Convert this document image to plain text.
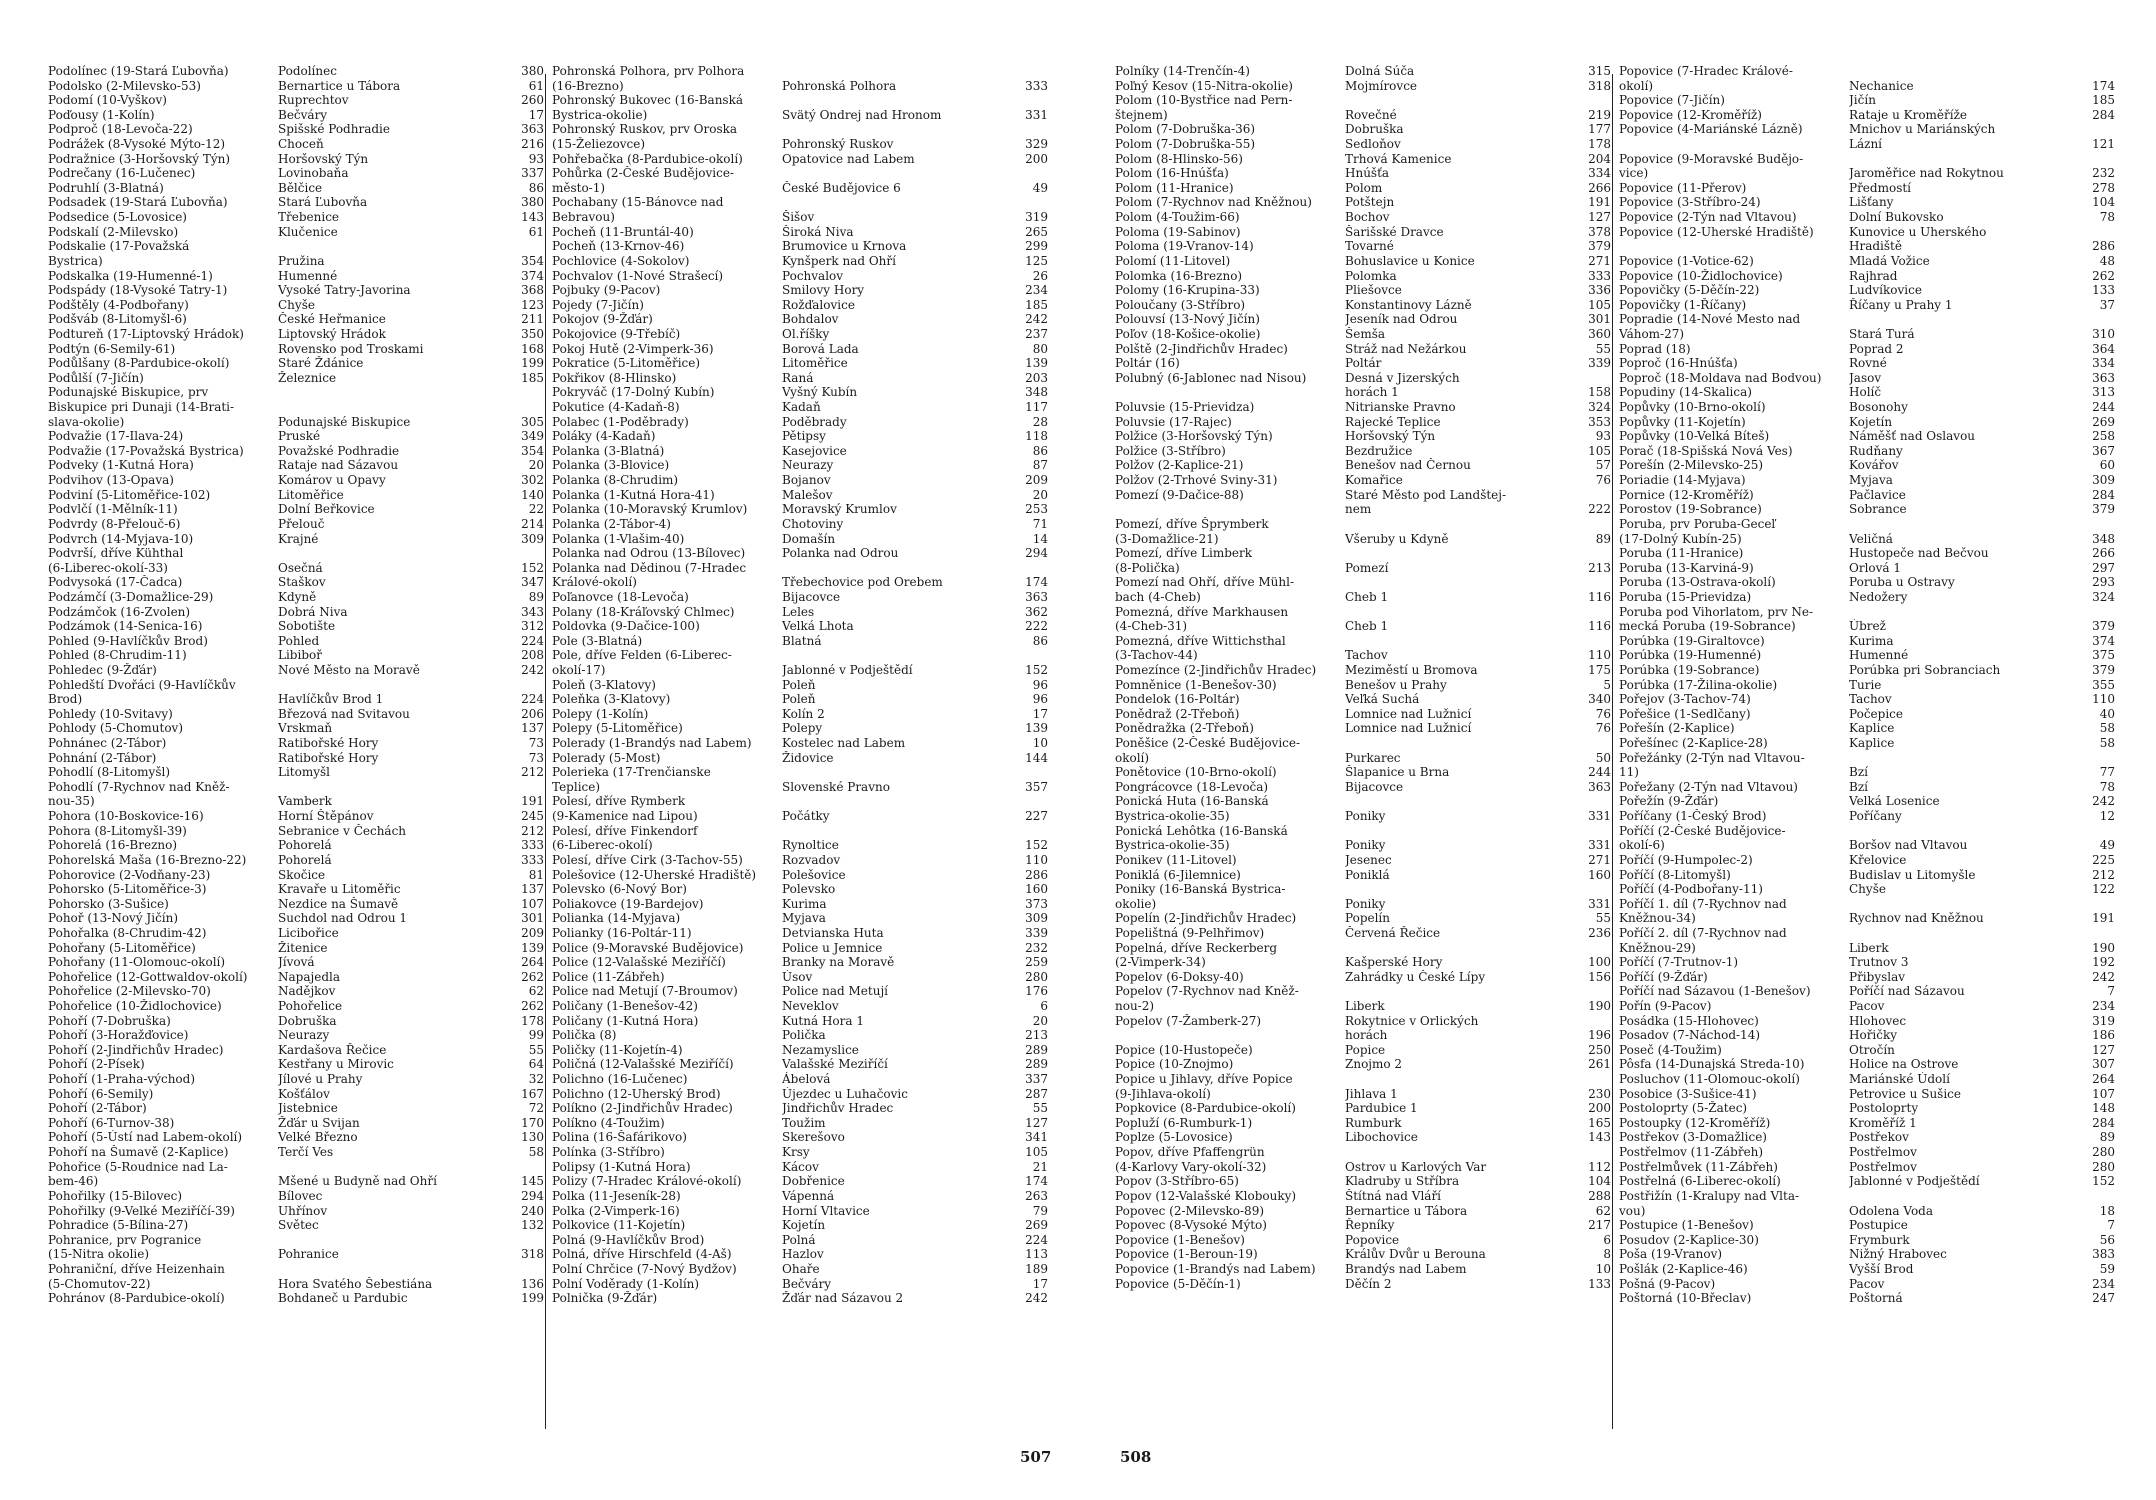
Podolínec (19-Stará Ľubovňa)	Podolínec	380
Podolsko (2-Milevsko-53)	Bernartice u Tábora	61
Podomí (10-Vyškov)	Ruprechtov	260
Poďousy (1-Kolín)	Bečváry	17
Podproč (18-Levoča-22)	Spišské Podhradie	363
Podrážek (8-Vysoké Mýto-12)	Choceň	216
Podražnice (3-Horšovský Týn)	Horšovský Týn	93
Podrečany (16-Lučenec)	Lovinobaňa	337
Podruhlí (3-Blatná)	Bělčice	86
Podsadek (19-Stará Ľubovňa)	Stará Ľubovňa	380
Podsedice (5-Lovosice)	Třebenice	143
Podskalí (2-Milevsko)	Klučenice	61
Podskalie (17-Považská
Bystrica)	Pružina	354
Podskalka (19-Humenné-1)	Humenné	374
Podspády (18-Vysoké Tatry-1)	Vysoké Tatry-Javorina	368
Podštěly (4-Podbořany)	Chyše	123
Podšváb (8-Litomyšl-6)	České Heřmanice	211
Podtureň (17-Liptovský Hrádok)	Liptovský Hrádok	350
Podtýn (6-Semily-61)	Rovensko pod Troskami	168
Podůlšany (8-Pardubice-okolí)	Staré Ždánice	199
Podůlší (7-Jičín)	Železnice	185
Podunajské Biskupice, prv
Biskupice pri Dunaji (14-Brati-
slava-okolie)	Podunajské Biskupice	305
Podvažie (17-Ilava-24)	Pruské	349
Podvažie (17-Považská Bystrica)	Považské Podhradie	354
Podveky (1-Kutná Hora)	Rataje nad Sázavou	20
Podvihov (13-Opava)	Komárov u Opavy	302
Podviní (5-Litoměřice-102)	Litoměřice	140
Podvlčí (1-Mělník-11)	Dolní Beřkovice	22
Podvrdy (8-Přelouč-6)	Přelouč	214
Podvrch (14-Myjava-10)	Krajné	309
Podvrší, dříve Kühthal
(6-Liberec-okolí-33)	Osečná	152
Podvysoká (17-Čadca)	Staškov	347
Podzámčí (3-Domažlice-29)	Kdyně	89
Podzámčok (16-Zvolen)	Dobrá Niva	343
Podzámok (14-Senica-16)	Sobotište	312
Pohled (9-Havlíčkův Brod)	Pohled	224
Pohled (8-Chrudim-11)	Libiboř	208
Pohledec (9-Žďár)	Nové Město na Moravě	242
Pohledští Dvořáci (9-Havlíčkův
Brod)	Havlíčkův Brod 1	224
Pohledy (10-Svitavy)	Březová nad Svitavou	206
Pohlody (5-Chomutov)	Vrskmaň	137
Pohnánec (2-Tábor)	Ratibořské Hory	73
Pohnání (2-Tábor)	Ratibořské Hory	73
Pohodlí (8-Litomyšl)	Litomyšl	212
Pohodlí (7-Rychnov nad Kněž-
nou-35)	Vamberk	191
Pohora (10-Boskovice-16)	Horní Štěpánov	245
Pohora (8-Litomyšl-39)	Sebranice v Čechách	212
Pohorelá (16-Brezno)	Pohorelá	333
Pohorelská Maša (16-Brezno-22)	Pohorelá	333
Pohorovice (2-Vodňany-23)	Skočice	81
Pohorsko (5-Litoměřice-3)	Kravaře u Litoměřic	137
Pohorsko (3-Sušice)	Nezdice na Šumavě	107
Pohoř (13-Nový Jičín)	Suchdol nad Odrou 1	301
Pohořalka (8-Chrudim-42)	Licibořice	209
Pohořany (5-Litoměřice)	Žitenice	139
Pohořany (11-Olomouc-okolí)	Jívová	264
Pohořelice (12-Gottwaldov-okolí)	Napajedla	262
Pohořelice (2-Milevsko-70)	Nadějkov	62
Pohořelice (10-Židlochovice)	Pohořelice	262
Pohoří (7-Dobruška)	Dobruška	178
Pohoří (3-Horažďovice)	Neurazy	99
Pohoří (2-Jindřichův Hradec)	Kardašova Řečice	55
Pohoří (2-Písek)	Kestřany u Mirovic	64
Pohoří (1-Praha-východ)	Jílové u Prahy	32
Pohoří (6-Semily)	Košťálov	167
Pohoří (2-Tábor)	Jistebnice	72
Pohoří (6-Turnov-38)	Žďár u Svijan	170
Pohoří (5-Ústí nad Labem-okolí)	Velké Březno	130
Pohoří na Šumavě (2-Kaplice)	Terčí Ves	58
Pohořice (5-Roudnice nad La-
bem-46)	Mšené u Budyně nad Ohří	145
Pohořilky (15-Bilovec)	Bílovec	294
Pohořilky (9-Velké Meziříčí-39)	Uhřínov	240
Pohradice (5-Bílina-27)	Světec	132
Pohranice, prv Pogranice
(15-Nitra okolie)	Pohranice	318
Pohraniční, dříve Heizenhain
(5-Chomutov-22)	Hora Svatého Šebestiána	136
Pohránov (8-Pardubice-okolí)	Bohdaneč u Pardubic	199
Pohronská Polhora, prv Polhora
(16-Brezno)	Pohronská Polhora	333
Pohronský Bukovec (16-Banská
Bystrica-okolie)	Svätý Ondrej nad Hronom	331
Pohronský Ruskov, prv Oroska
(15-Želiezovce)	Pohronský Ruskov	329
Pohřebačka (8-Pardubice-okolí)	Opatovice nad Labem	200
Pohůrka (2-České Budějovice-
město-1)	České Budějovice 6	49
Pochabany (15-Bánovce nad
Bebravou)	Šišov	319
Pocheň (11-Bruntál-40)	Široká Niva	265
Pocheň (13-Krnov-46)	Brumovice u Krnova	299
Pochlovice (4-Sokolov)	Kynšperk nad Ohří	125
Pochvalov (1-Nové Strašecí)	Pochvalov	26
Pojbuky (9-Pacov)	Smilovy Hory	234
Pojedy (7-Jičín)	Rožďalovice	185
Pokojov (9-Žďár)	Bohdalov	242
Pokojovice (9-Třebíč)	Ol.říšky	237
Pokoj Hutě (2-Vimperk-36)	Borová Lada	80
Pokratice (5-Litoměřice)	Litoměřice	139
Pokřikov (8-Hlinsko)	Raná	203
Pokryváč (17-Dolný Kubín)	Vyšný Kubín	348
Pokutice (4-Kadaň-8)	Kadaň	117
Polabec (1-Poděbrady)	Poděbrady	28
Poláky (4-Kadaň)	Pětipsy	118
Polanka (3-Blatná)	Kasejovice	86
Polanka (3-Blovice)	Neurazy	87
Polanka (8-Chrudim)	Bojanov	209
Polanka (1-Kutná Hora-41)	Malešov	20
Polanka (10-Moravský Krumlov)	Moravský Krumlov	253
Polanka (2-Tábor-4)	Chotoviny	71
Polanka (1-Vlašim-40)	Domašín	14
Polanka nad Odrou (13-Bílovec)	Polanka nad Odrou	294
Polanka nad Dědinou (7-Hradec
Králové-okolí)	Třebechovice pod Orebem	174
Poľanovce (18-Levoča)	Bijacovce	363
Polany (18-Kráľovský Chlmec)	Leles	362
Poldovka (9-Dačice-100)	Velká Lhota	222
Pole (3-Blatná)	Blatná	86
Pole, dříve Felden (6-Liberec-
okolí-17)	Jablonné v Podještědí	152
Poleň (3-Klatovy)	Poleň	96
Poleňka (3-Klatovy)	Poleň	96
Polepy (1-Kolín)	Kolín 2	17
Polepy (5-Litoměřice)	Polepy	139
Polerady (1-Brandýs nad Labem)	Kostelec nad Labem	10
Polerady (5-Most)	Židovice	144
Polerieka (17-Trenčianske
Teplice)	Slovenské Pravno	357
Polesí, dříve Rymberk
(9-Kamenice nad Lipou)	Počátky	227
Polesí, dříve Finkendorf
(6-Liberec-okolí)	Rynoltice	152
Polesí, dříve Cirk (3-Tachov-55)	Rozvadov	110
Polešovice (12-Uherské Hradiště)	Polešovice	286
Polevsko (6-Nový Bor)	Polevsko	160
Poliakovce (19-Bardejov)	Kurima	373
Polianka (14-Myjava)	Myjava	309
Polianky (16-Poltár-11)	Detvianska Huta	339
Police (9-Moravské Budějovice)	Police u Jemnice	232
Police (12-Valašské Meziříčí)	Branky na Moravě	259
Police (11-Zábřeh)	Úsov	280
Police nad Metují (7-Broumov)	Police nad Metují	176
Poličany (1-Benešov-42)	Neveklov	6
Poličany (1-Kutná Hora)	Kutná Hora 1	20
Polička (8)	Polička	213
Poličky (11-Kojetín-4)	Nezamyslice	289
Poličná (12-Valašské Meziříčí)	Valašské Meziříčí	289
Polichno (16-Lučenec)	Ábelová	337
Polichno (12-Uherský Brod)	Újezdec u Luhačovic	287
Políkno (2-Jindřichův Hradec)	Jindřichův Hradec	55
Políkno (4-Toužim)	Toužim	127
Polina (16-Šafárikovo)	Skerešovo	341
Polínka (3-Stříbro)	Krsy	105
Polipsy (1-Kutná Hora)	Kácov	21
Polizy (7-Hradec Králové-okolí)	Dobřenice	174
Polka (11-Jeseník-28)	Vápenná	263
Polka (2-Vimperk-16)	Horní Vltavice	79
Polkovice (11-Kojetín)	Kojetín	269
Polná (9-Havlíčkův Brod)	Polná	224
Polná, dříve Hirschfeld (4-Aš)	Hazlov	113
Polní Chrčice (7-Nový Bydžov)	Ohaře	189
Polní Voděrady (1-Kolín)	Bečváry	17
Polnička (9-Žďár)	Žďár nad Sázavou 2	242
Polníky (14-Trenčín-4)	Dolná Súča	315
Poľný Kesov (15-Nitra-okolie)	Mojmírovce	318
Polom (10-Bystřice nad Pern-
štejnem)	Rovečné	219
Polom (7-Dobruška-36)	Dobruška	177
Polom (7-Dobruška-55)	Sedloňov	178
Polom (8-Hlinsko-56)	Trhová Kamenice	204
Polom (16-Hnúšťa)	Hnúšťa	334
Polom (11-Hranice)	Polom	266
Polom (7-Rychnov nad Kněžnou)	Potštejn	191
Polom (4-Toužim-66)	Bochov	127
Poloma (19-Sabinov)	Šarišské Dravce	378
Poloma (19-Vranov-14)	Tovarné	379
Polomí (11-Litovel)	Bohuslavice u Konice	271
Polomka (16-Brezno)	Polomka	333
Polomy (16-Krupina-33)	Pliešovce	336
Poloučany (3-Stříbro)	Konstantinovy Lázně	105
Polouvsí (13-Nový Jičín)	Jeseník nad Odrou	301
Poľov (18-Košice-okolie)	Šemša	360
Polště (2-Jindřichův Hradec)	Stráž nad Nežárkou	55
Poltár (16)	Poltár	339
Polubný (6-Jablonec nad Nisou)	Desná v Jizerských
horách 1	158
Poluvsie (15-Prievidza)	Nitrianske Pravno	324
Poluvsie (17-Rajec)	Rajecké Teplice	353
Polžice (3-Horšovský Týn)	Horšovský Týn	93
Polžice (3-Stříbro)	Bezdružice	105
Polžov (2-Kaplice-21)	Benešov nad Černou	57
Polžov (2-Trhové Sviny-31)	Komařice	76
Pomezí (9-Dačice-88)	Staré Město pod Landštej-
nem	222
Pomezí, dříve Šprymberk
(3-Domažlice-21)	Všeruby u Kdyně	89
Pomezí, dříve Limberk
(8-Polička)	Pomezí	213
Pomezí nad Ohří, dříve Mühl-
bach (4-Cheb)	Cheb 1	116
Pomezná, dříve Markhausen
(4-Cheb-31)	Cheb 1	116
Pomezná, dříve Wittichsthal
(3-Tachov-44)	Tachov	110
Pomezínce (2-Jindřichův Hradec)	Meziměstí u Bromova	175
Pomněnice (1-Benešov-30)	Benešov u Prahy	5
Pondelok (16-Poltár)	Veľká Suchá	340
Ponědraž (2-Třeboň)	Lomnice nad Lužnicí	76
Ponědražka (2-Třeboň)	Lomnice nad Lužnicí	76
Poněšice (2-České Budějovice-
okolí)	Purkarec	50
Ponětovice (10-Brno-okolí)	Šlapanice u Brna	244
Pongrácovce (18-Levoča)	Bijacovce	363
Ponická Huta (16-Banská
Bystrica-okolie-35)	Poniky	331
Ponická Lehôtka (16-Banská
Bystrica-okolie-35)	Poniky	331
Ponikev (11-Litovel)	Jesenec	271
Poniklá (6-Jilemnice)	Poniklá	160
Poniky (16-Banská Bystrica-
okolie)	Poniky	331
Popelín (2-Jindřichův Hradec)	Popelín	55
Popelištná (9-Pelhřimov)	Červená Řečice	236
Popelná, dříve Reckerberg
(2-Vimperk-34)	Kašperské Hory	100
Popelov (6-Doksy-40)	Zahrádky u České Lípy	156
Popelov (7-Rychnov nad Kněž-
nou-2)	Liberk	190
Popelov (7-Žamberk-27)	Rokytnice v Orlických
horách	196
Popice (10-Hustopeče)	Popice	250
Popice (10-Znojmo)	Znojmo 2	261
Popice u Jihlavy, dříve Popice
(9-Jihlava-okolí)	Jihlava 1	230
Popkovice (8-Pardubice-okolí)	Pardubice 1	200
Popluží (6-Rumburk-1)	Rumburk	165
Poplze (5-Lovosice)	Libochovice	143
Popov, dříve Pfaffengrün
(4-Karlovy Vary-okolí-32)	Ostrov u Karlových Var	112
Popov (3-Stříbro-65)	Kladruby u Stříbra	104
Popov (12-Valašské Klobouky)	Štítná nad Vláří	288
Popovec (2-Milevsko-89)	Bernartice u Tábora	62
Popovec (8-Vysoké Mýto)	Řepníky	217
Popovice (1-Benešov)	Popovice	6
Popovice (1-Beroun-19)	Králův Dvůr u Berouna	8
Popovice (1-Brandýs nad Labem)	Brandýs nad Labem	10
Popovice (5-Děčín-1)	Děčín 2	133
Popovice (7-Hradec Králové-
okolí)	Nechanice	174
Popovice (7-Jičín)	Jičín	185
Popovice (12-Kroměříž)	Rataje u Kroměříže	284
Popovice (4-Mariánské Lázně)	Mnichov u Mariánských
Lázní	121
Popovice (9-Moravské Budějo-
vice)	Jaroměřice nad Rokytnou	232
Popovice (11-Přerov)	Předmostí	278
Popovice (3-Stříbro-24)	Lišťany	104
Popovice (2-Týn nad Vltavou)	Dolní Bukovsko	78
Popovice (12-Uherské Hradiště)	Kunovice u Uherského
Hradiště	286
Popovice (1-Votice-62)	Mladá Vožice	48
Popovice (10-Židlochovice)	Rajhrad	262
Popovičky (5-Děčín-22)	Ludvíkovice	133
Popovičky (1-Říčany)	Říčany u Prahy 1	37
Popradie (14-Nové Mesto nad
Váhom-27)	Stará Turá	310
Poprad (18)	Poprad 2	364
Poproč (16-Hnúšťa)	Rovné	334
Poproč (18-Moldava nad Bodvou)	Jasov	363
Popudiny (14-Skalica)	Holíč	313
Popůvky (10-Brno-okolí)	Bosonohy	244
Popůvky (11-Kojetín)	Kojetín	269
Popůvky (10-Velká Bíteš)	Náměšť nad Oslavou	258
Porač (18-Spišská Nová Ves)	Rudňany	367
Porešín (2-Milevsko-25)	Kovářov	60
Poriadie (14-Myjava)	Myjava	309
Pornice (12-Kroměříž)	Pačlavice	284
Porostov (19-Sobrance)	Sobrance	379
Poruba, prv Poruba-Geceľ
(17-Dolný Kubín-25)	Veličná	348
Poruba (11-Hranice)	Hustopeče nad Bečvou	266
Poruba (13-Karviná-9)	Orlová 1	297
Poruba (13-Ostrava-okolí)	Poruba u Ostravy	293
Poruba (15-Prievidza)	Nedožery	324
Poruba pod Vihorlatom, prv Ne-
mecká Poruba (19-Sobrance)	Úbrež	379
Porúbka (19-Giraltovce)	Kurima	374
Porúbka (19-Humenné)	Humenné	375
Porúbka (19-Sobrance)	Porúbka pri Sobranciach	379
Porúbka (17-Žilina-okolie)	Turie	355
Pořejov (3-Tachov-74)	Tachov	110
Pořešice (1-Sedlčany)	Počepice	40
Pořešín (2-Kaplice)	Kaplice	58
Pořešínec (2-Kaplice-28)	Kaplice	58
Pořežánky (2-Týn nad Vltavou-
11)	Bzí	77
Pořežany (2-Týn nad Vltavou)	Bzí	78
Pořežín (9-Žďár)	Velká Losenice	242
Poříčany (1-Český Brod)	Poříčany	12
Poříčí (2-České Budějovice-
okolí-6)	Boršov nad Vltavou	49
Poříčí (9-Humpolec-2)	Křelovice	225
Poříčí (8-Litomyšl)	Budislav u Litomyšle	212
Poříčí (4-Podbořany-11)	Chyše	122
Poříčí 1. díl (7-Rychnov nad
Kněžnou-34)	Rychnov nad Kněžnou	191
Poříčí 2. díl (7-Rychnov nad
Kněžnou-29)	Liberk	190
Poříčí (7-Trutnov-1)	Trutnov 3	192
Poříčí (9-Žďár)	Přibyslav	242
Poříčí nad Sázavou (1-Benešov)	Poříčí nad Sázavou	7
Pořín (9-Pacov)	Pacov	234
Posádka (15-Hlohovec)	Hlohovec	319
Posadov (7-Náchod-14)	Hořičky	186
Poseč (4-Toužim)	Otročín	127
Pôsfa (14-Dunajská Streda-10)	Holice na Ostrove	307
Posluchov (11-Olomouc-okolí)	Mariánské Údolí	264
Posobice (3-Sušice-41)	Petrovice u Sušice	107
Postoloprty (5-Žatec)	Postoloprty	148
Postoupky (12-Kroměříž)	Kroměříž 1	284
Postřekov (3-Domažlice)	Postřekov	89
Postřelmov (11-Zábřeh)	Postřelmov	280
Postřelmůvek (11-Zábřeh)	Postřelmov	280
Postřelná (6-Liberec-okolí)	Jablonné v Podještědí	152
Postřižín (1-Kralupy nad Vlta-
vou)	Odolena Voda	18
Postupice (1-Benešov)	Postupice	7
Posudov (2-Kaplice-30)	Frymburk	56
Poša (19-Vranov)	Nižný Hrabovec	383
Pošlák (2-Kaplice-46)	Vyšší Brod	59
Pošná (9-Pacov)	Pacov	234
Poštorná (10-Břeclav)	Poštorná	247
507	508
